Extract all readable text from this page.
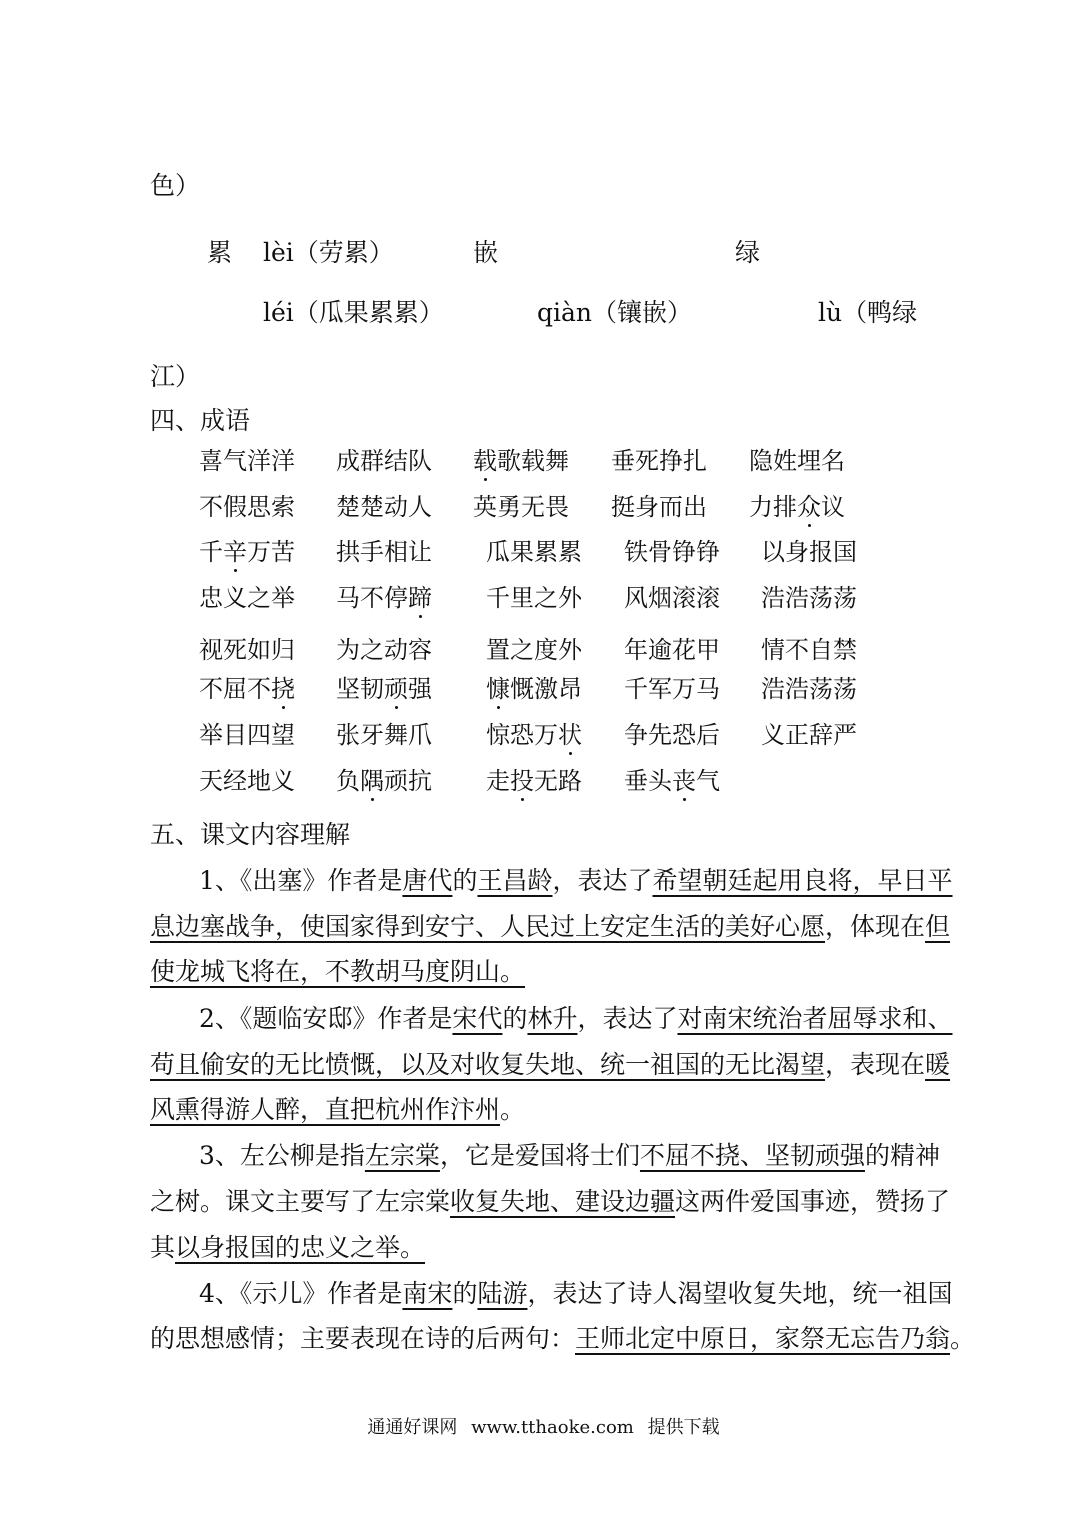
色）
累 lèi（劳累）	嵌	绿
léi（瓜果累累）	qiàn（镶嵌）	lù（鸭绿
江）
四、成语
喜气洋洋 成群结队 载歌载舞 垂死挣扎 隐姓埋名
不假思索 楚楚动人 英勇无畏 挺身而出 力排众议
千辛万苦 拱手相让 瓜果累累 铁骨铮铮 以身报国
忠义之举 马不停蹄 千里之外 风烟滚滚 浩浩荡荡
视死如归 为之动容 置之度外 年逾花甲 情不自禁
不屈不挠 坚韧顽强 慷慨激昂 千军万马 浩浩荡荡
举目四望 张牙舞爪 惊恐万状 争先恐后 义正辞严
天经地义 负隅顽抗 走投无路 垂头丧气
五、课文内容理解
1、《出塞》作者是唐代的王昌龄，表达了希望朝廷起用良将，早日平
息边塞战争，使国家得到安宁、人民过上安定生活的美好心愿，体现在但
使龙城飞将在，不教胡马度阴山。
2、《题临安邸》作者是宋代的林升，表达了对南宋统治者屈辱求和、
苟且偷安的无比愤慨，以及对收复失地、统一祖国的无比渴望，表现在暖
风熏得游人醉，直把杭州作汴州。
3、左公柳是指左宗棠，它是爱国将士们不屈不挠、坚韧顽强的精神
之树。课文主要写了左宗棠收复失地、建设边疆这两件爱国事迹，赞扬了
其以身报国的忠义之举。
4、《示儿》作者是南宋的陆游，表达了诗人渴望收复失地，统一祖国
的思想感情；主要表现在诗的后两句：王师北定中原日，家祭无忘告乃翁。
通通好课网 www.tthaoke.com 提供下载
